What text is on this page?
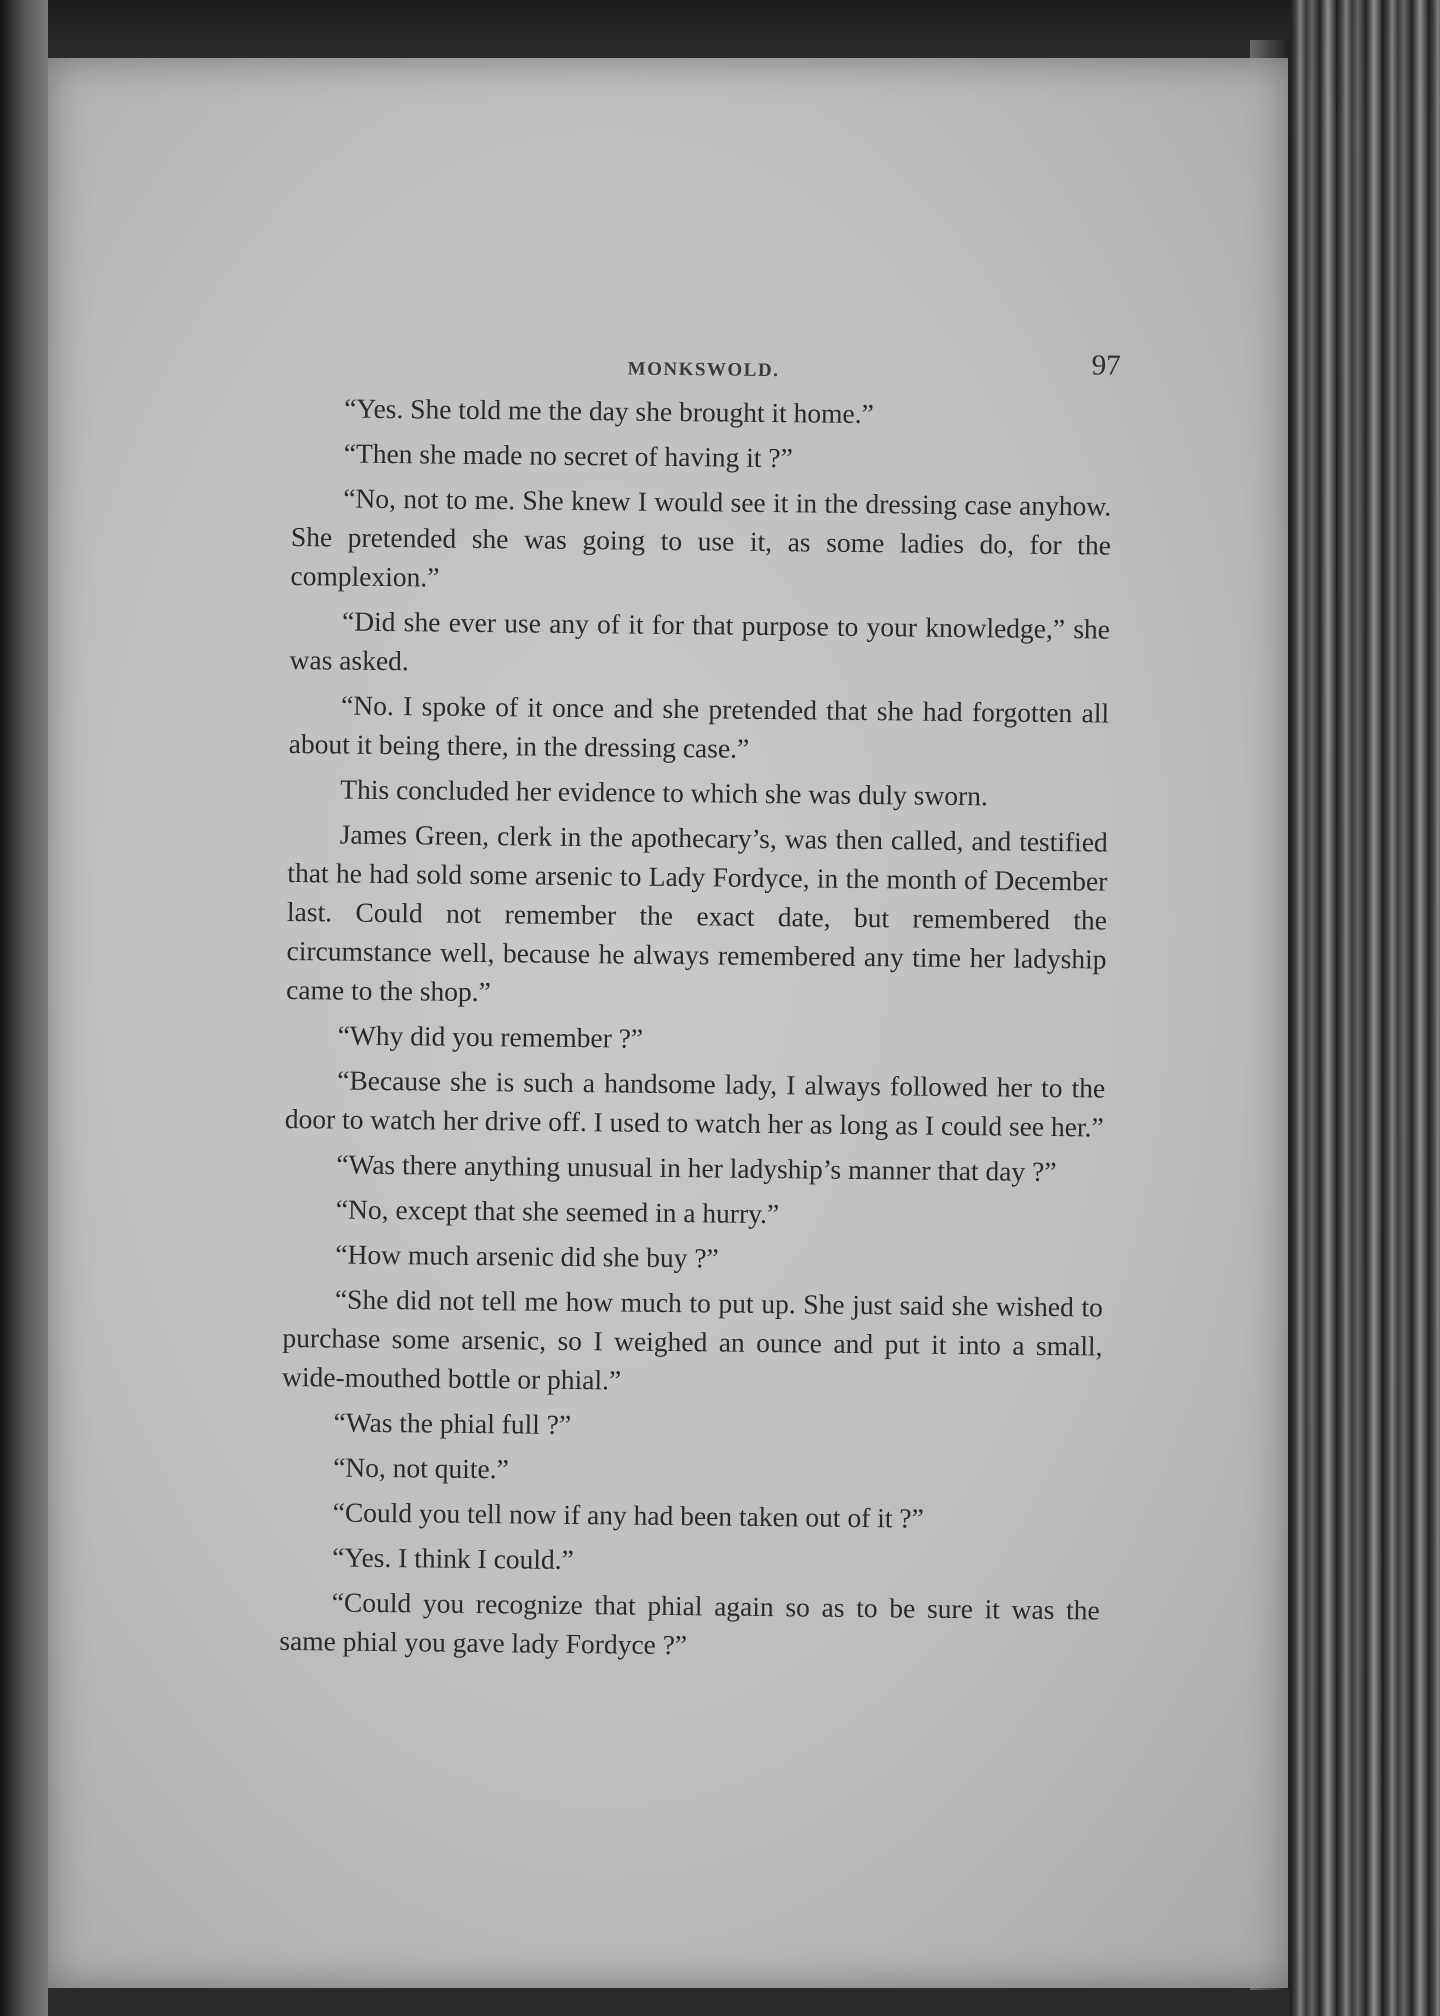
MONKSWOLD.	97

“Yes. She told me the day she brought it home.”

“Then she made no secret of having it ?”

“No, not to me. She knew I would see it in the dressing case anyhow. She pretended she was going to use it, as some ladies do, for the complexion.”

“Did she ever use any of it for that purpose to your knowledge,” she was asked.

“No. I spoke of it once and she pretended that she had forgotten all about it being there, in the dressing case.”

This concluded her evidence to which she was duly sworn.

James Green, clerk in the apothecary’s, was then called, and testified that he had sold some arsenic to Lady Fordyce, in the month of December last. Could not remember the exact date, but remembered the circumstance well, because he always remembered any time her ladyship came to the shop.”

“Why did you remember ?”

“Because she is such a handsome lady, I always followed her to the door to watch her drive off. I used to watch her as long as I could see her.”

“Was there anything unusual in her ladyship’s manner that day ?”

“No, except that she seemed in a hurry.”

“How much arsenic did she buy ?”

“She did not tell me how much to put up. She just said she wished to purchase some arsenic, so I weighed an ounce and put it into a small, wide-mouthed bottle or phial.”

“Was the phial full ?”

“No, not quite.”

“Could you tell now if any had been taken out of it ?”

“Yes. I think I could.”

“Could you recognize that phial again so as to be sure it was the same phial you gave lady Fordyce ?”
